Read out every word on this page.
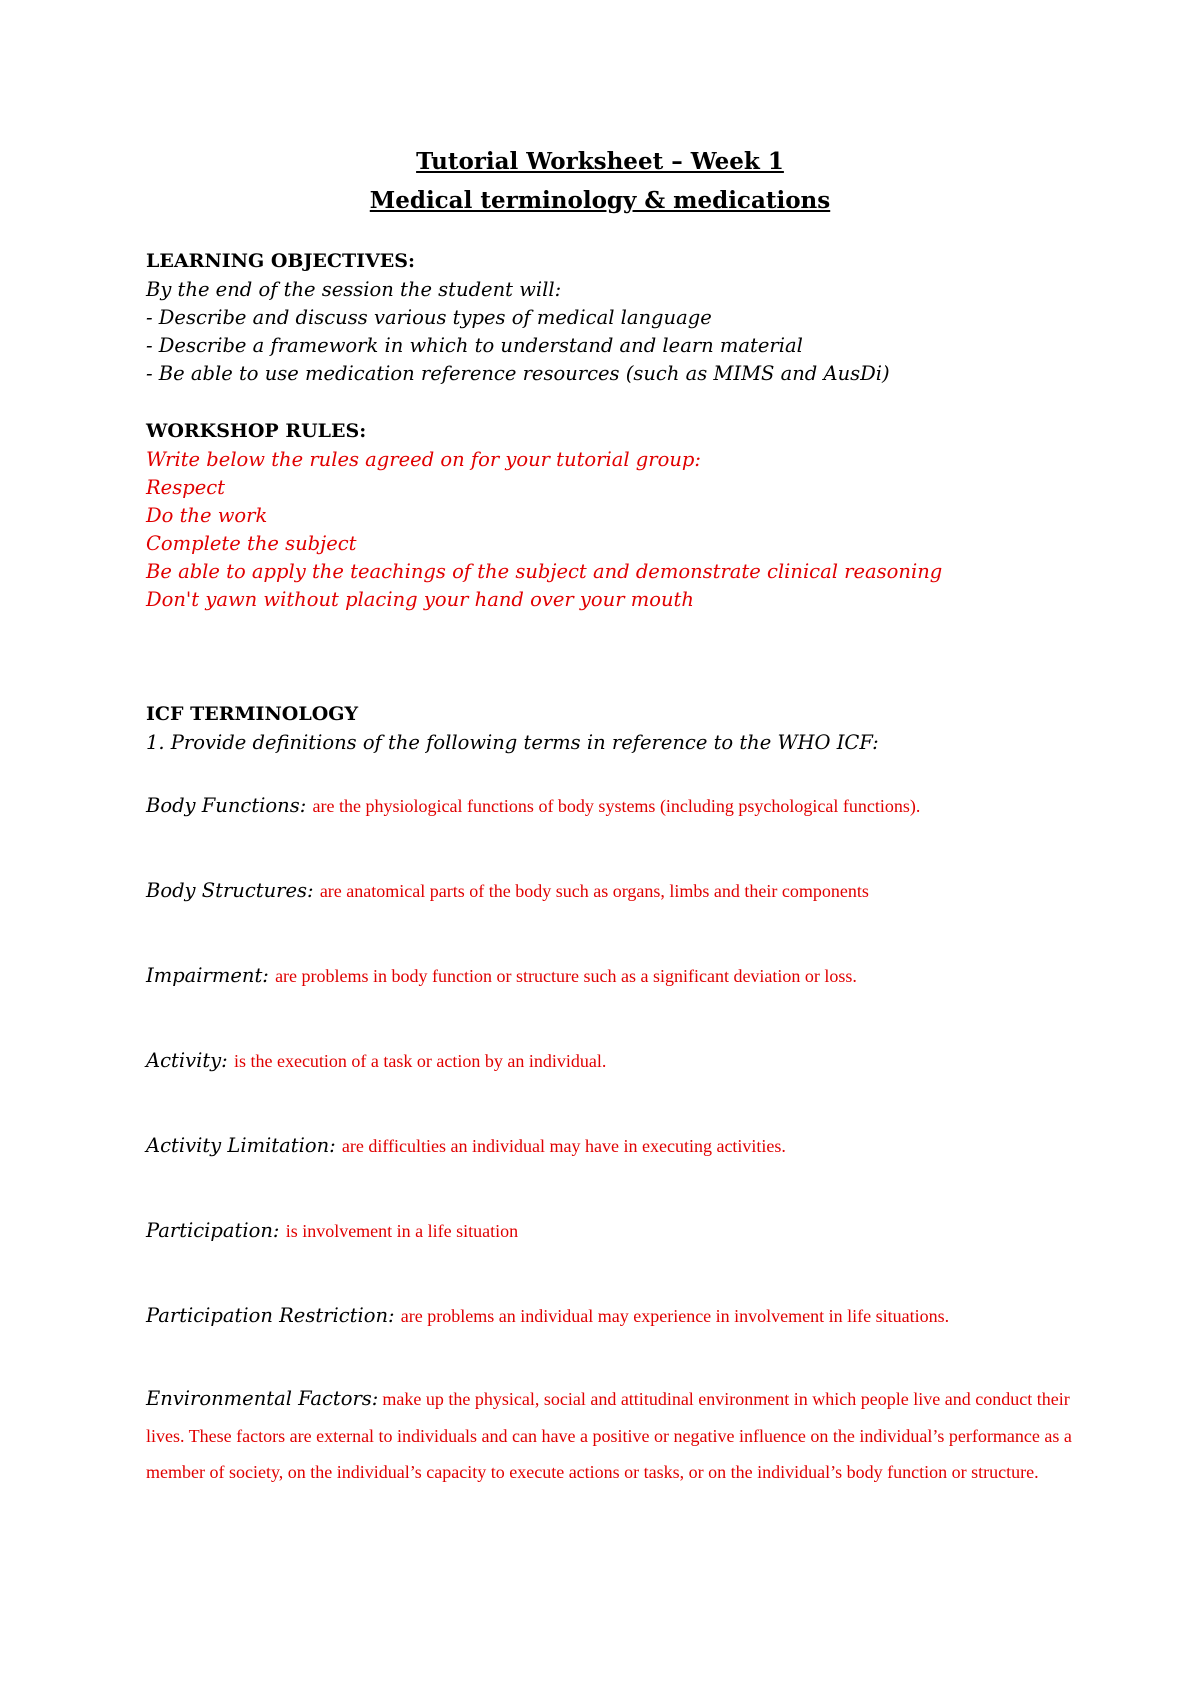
Tutorial Worksheet – Week 1
Medical terminology & medications
LEARNING OBJECTIVES:
By the end of the session the student will:
- Describe and discuss various types of medical language
- Describe a framework in which to understand and learn material
- Be able to use medication reference resources (such as MIMS and AusDi)
WORKSHOP RULES:
Write below the rules agreed on for your tutorial group:
Respect
Do the work
Complete the subject
Be able to apply the teachings of the subject and demonstrate clinical reasoning
Don't yawn without placing your hand over your mouth
ICF TERMINOLOGY
1. Provide definitions of the following terms in reference to the WHO ICF:
Body Functions: are the physiological functions of body systems (including psychological functions).
Body Structures: are anatomical parts of the body such as organs, limbs and their components
Impairment: are problems in body function or structure such as a significant deviation or loss.
Activity: is the execution of a task or action by an individual.
Activity Limitation: are difficulties an individual may have in executing activities.
Participation: is involvement in a life situation
Participation Restriction: are problems an individual may experience in involvement in life situations.
Environmental Factors: make up the physical, social and attitudinal environment in which people live and conduct their lives. These factors are external to individuals and can have a positive or negative influence on the individual’s performance as a member of society, on the individual’s capacity to execute actions or tasks, or on the individual’s body function or structure.
